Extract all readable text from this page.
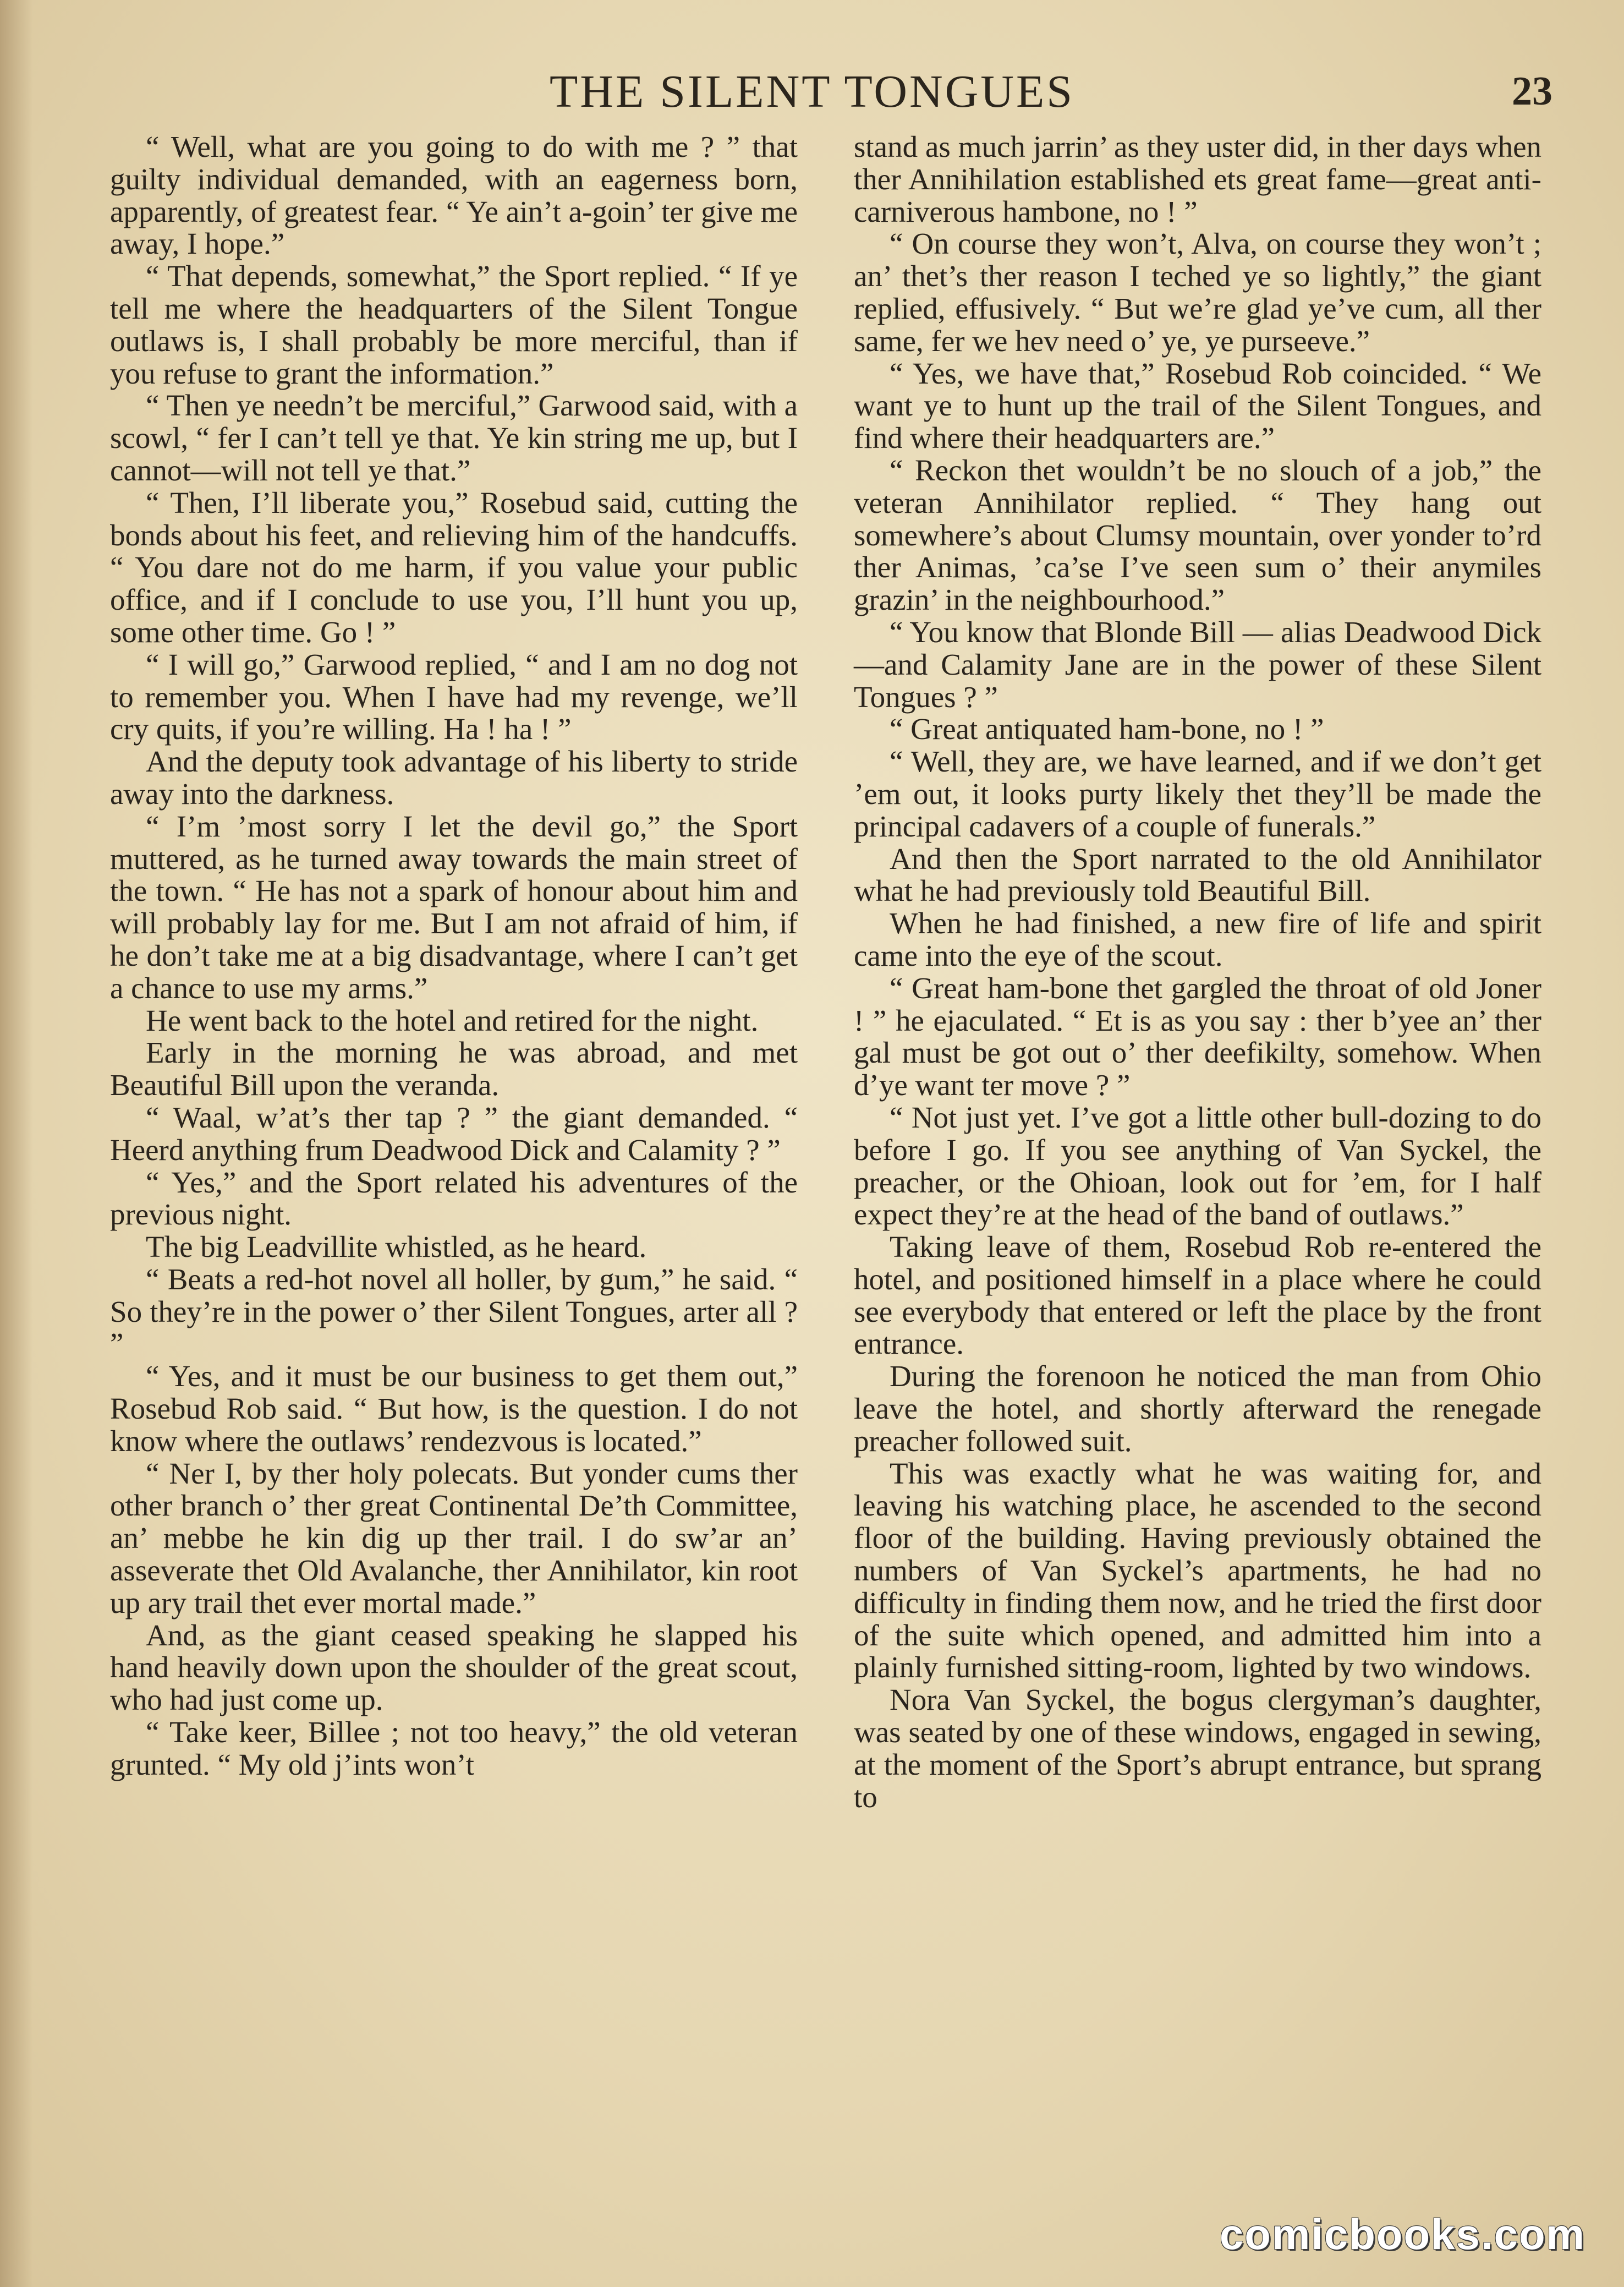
THE SILENT TONGUES	23

“ Well, what are you going to do with me ? ” that guilty individual demanded, with an eagerness born, apparently, of greatest fear. “ Ye ain’t a-goin’ ter give me away, I hope.”

“ That depends, somewhat,” the Sport replied. “ If ye tell me where the headquarters of the Silent Tongue outlaws is, I shall probably be more merciful, than if you refuse to grant the information.”

“ Then ye needn’t be merciful,” Garwood said, with a scowl, “ fer I can’t tell ye that. Ye kin string me up, but I cannot—will not tell ye that.”

“ Then, I’ll liberate you,” Rosebud said, cutting the bonds about his feet, and relieving him of the handcuffs. “ You dare not do me harm, if you value your public office, and if I conclude to use you, I’ll hunt you up, some other time. Go ! ”

“ I will go,” Garwood replied, “ and I am no dog not to remember you. When I have had my revenge, we’ll cry quits, if you’re willing. Ha ! ha ! ”

And the deputy took advantage of his liberty to stride away into the darkness.

“ I’m ’most sorry I let the devil go,” the Sport muttered, as he turned away towards the main street of the town. “ He has not a spark of honour about him and will probably lay for me. But I am not afraid of him, if he don’t take me at a big disadvantage, where I can’t get a chance to use my arms.”

He went back to the hotel and retired for the night.

Early in the morning he was abroad, and met Beautiful Bill upon the veranda.

“ Waal, w’at’s ther tap ? ” the giant demanded. “ Heerd anything frum Deadwood Dick and Calamity ? ”

“ Yes,” and the Sport related his adventures of the previous night.

The big Leadvillite whistled, as he heard.

“ Beats a red-hot novel all holler, by gum,” he said. “ So they’re in the power o’ ther Silent Tongues, arter all ? ”

“ Yes, and it must be our business to get them out,” Rosebud Rob said. “ But how, is the question. I do not know where the outlaws’ rendezvous is located.”

“ Ner I, by ther holy polecats. But yonder cums ther other branch o’ ther great Continental De’th Committee, an’ mebbe he kin dig up ther trail. I do sw’ar an’ asseverate thet Old Avalanche, ther Annihilator, kin root up ary trail thet ever mortal made.”

And, as the giant ceased speaking he slapped his hand heavily down upon the shoulder of the great scout, who had just come up.

“ Take keer, Billee ; not too heavy,” the old veteran grunted. “ My old j’ints won’t

stand as much jarrin’ as they uster did, in ther days when ther Annihilation established ets great fame—great anti-carniverous hambone, no ! ”

“ On course they won’t, Alva, on course they won’t ; an’ thet’s ther reason I teched ye so lightly,” the giant replied, effusively. “ But we’re glad ye’ve cum, all ther same, fer we hev need o’ ye, ye purseeve.”

“ Yes, we have that,” Rosebud Rob coincided. “ We want ye to hunt up the trail of the Silent Tongues, and find where their headquarters are.”

“ Reckon thet wouldn’t be no slouch of a job,” the veteran Annihilator replied. “ They hang out somewhere’s about Clumsy mountain, over yonder to’rd ther Animas, ’ca’se I’ve seen sum o’ their anymiles grazin’ in the neighbourhood.”

“ You know that Blonde Bill — alias Deadwood Dick—and Calamity Jane are in the power of these Silent Tongues ? ”

“ Great antiquated ham-bone, no ! ”

“ Well, they are, we have learned, and if we don’t get ’em out, it looks purty likely thet they’ll be made the principal cadavers of a couple of funerals.”

And then the Sport narrated to the old Annihilator what he had previously told Beautiful Bill.

When he had finished, a new fire of life and spirit came into the eye of the scout.

“ Great ham-bone thet gargled the throat of old Joner ! ” he ejaculated. “ Et is as you say : ther b’yee an’ ther gal must be got out o’ ther deefikilty, somehow. When d’ye want ter move ? ”

“ Not just yet. I’ve got a little other bull-dozing to do before I go. If you see anything of Van Syckel, the preacher, or the Ohioan, look out for ’em, for I half expect they’re at the head of the band of outlaws.”

Taking leave of them, Rosebud Rob re-entered the hotel, and positioned himself in a place where he could see everybody that entered or left the place by the front entrance.

During the forenoon he noticed the man from Ohio leave the hotel, and shortly afterward the renegade preacher followed suit.

This was exactly what he was waiting for, and leaving his watching place, he ascended to the second floor of the building. Having previously obtained the numbers of Van Syckel’s apartments, he had no difficulty in finding them now, and he tried the first door of the suite which opened, and admitted him into a plainly furnished sitting-room, lighted by two windows.

Nora Van Syckel, the bogus clergyman’s daughter, was seated by one of these windows, engaged in sewing, at the moment of the Sport’s abrupt entrance, but sprang to

comicbooks.com
